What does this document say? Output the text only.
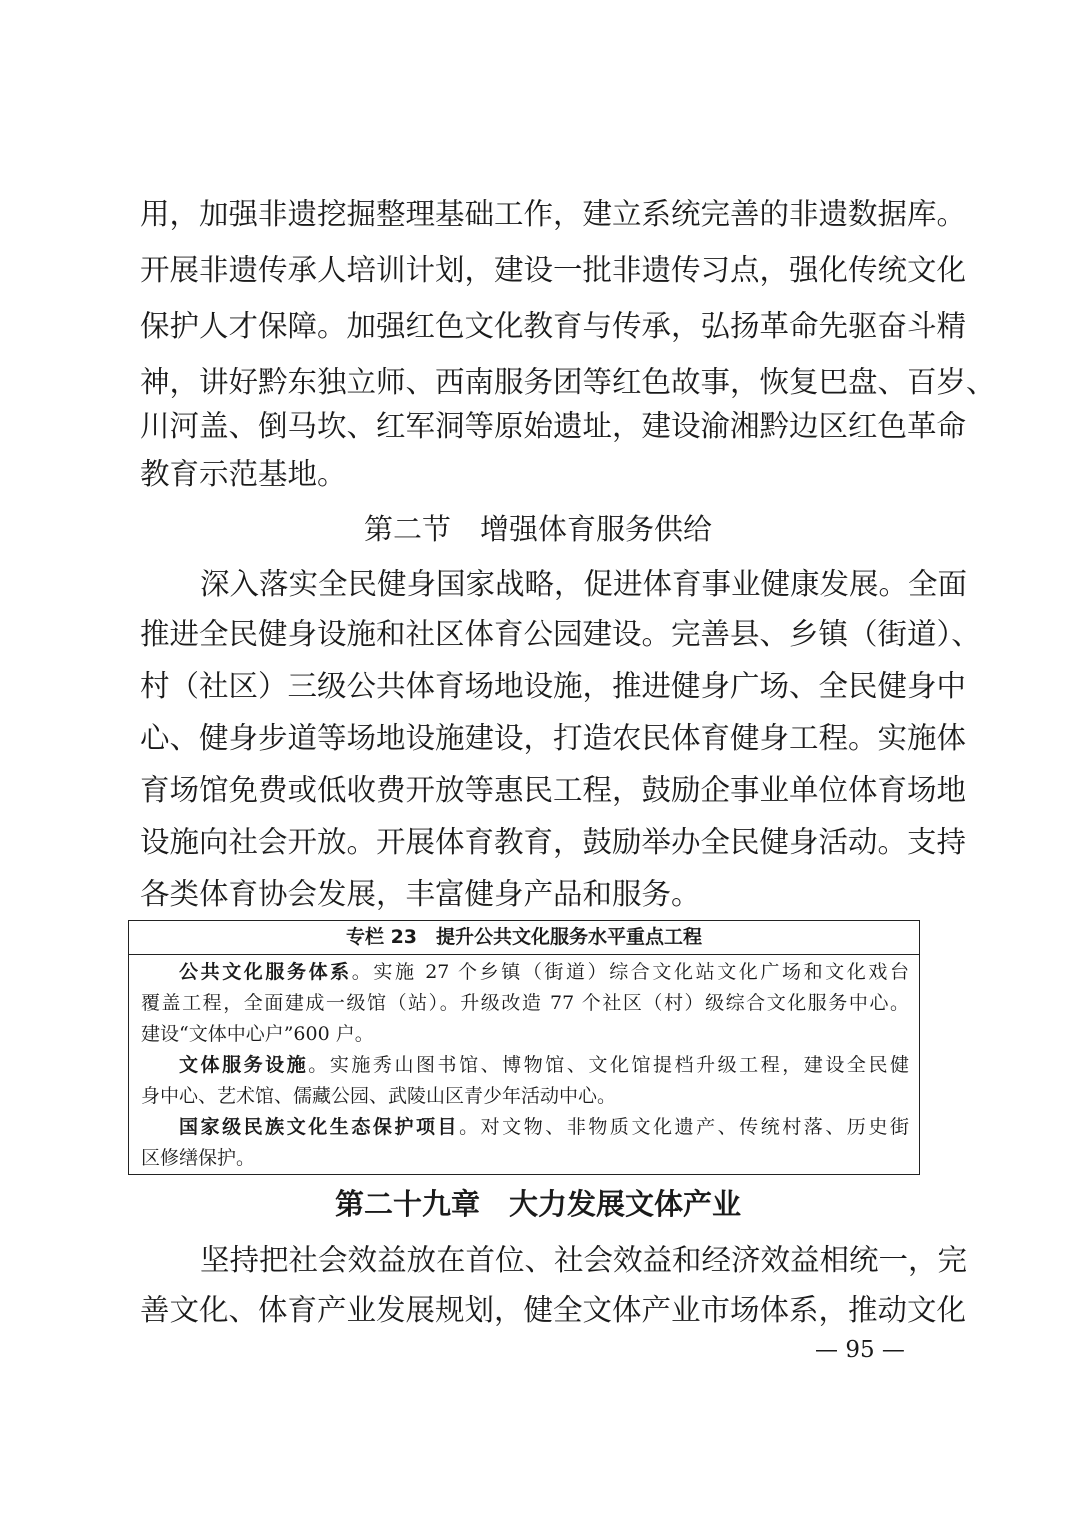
用，加强非遗挖掘整理基础工作，建立系统完善的非遗数据库。
开展非遗传承人培训计划，建设一批非遗传习点，强化传统文化
保护人才保障。加强红色文化教育与传承，弘扬革命先驱奋斗精
神，讲好黔东独立师、西南服务团等红色故事，恢复巴盘、百岁、
川河盖、倒马坎、红军洞等原始遗址，建设渝湘黔边区红色革命
教育示范基地。
第二节　增强体育服务供给
深入落实全民健身国家战略，促进体育事业健康发展。全面
推进全民健身设施和社区体育公园建设。完善县、乡镇（街道）、
村（社区）三级公共体育场地设施，推进健身广场、全民健身中
心、健身步道等场地设施建设，打造农民体育健身工程。实施体
育场馆免费或低收费开放等惠民工程，鼓励企事业单位体育场地
设施向社会开放。开展体育教育，鼓励举办全民健身活动。支持
各类体育协会发展，丰富健身产品和服务。
专栏 23　提升公共文化服务水平重点工程
公共文化服务体系。实施 27 个乡镇（街道）综合文化站文化广场和文化戏台
覆盖工程，全面建成一级馆（站）。升级改造 77 个社区（村）级综合文化服务中心。
建设“文体中心户”600 户。
文体服务设施。实施秀山图书馆、博物馆、文化馆提档升级工程，建设全民健
身中心、艺术馆、儒藏公园、武陵山区青少年活动中心。
国家级民族文化生态保护项目。对文物、非物质文化遗产、传统村落、历史街
区修缮保护。
第二十九章　大力发展文体产业
坚持把社会效益放在首位、社会效益和经济效益相统一，完
善文化、体育产业发展规划，健全文体产业市场体系，推动文化
— 95 —
